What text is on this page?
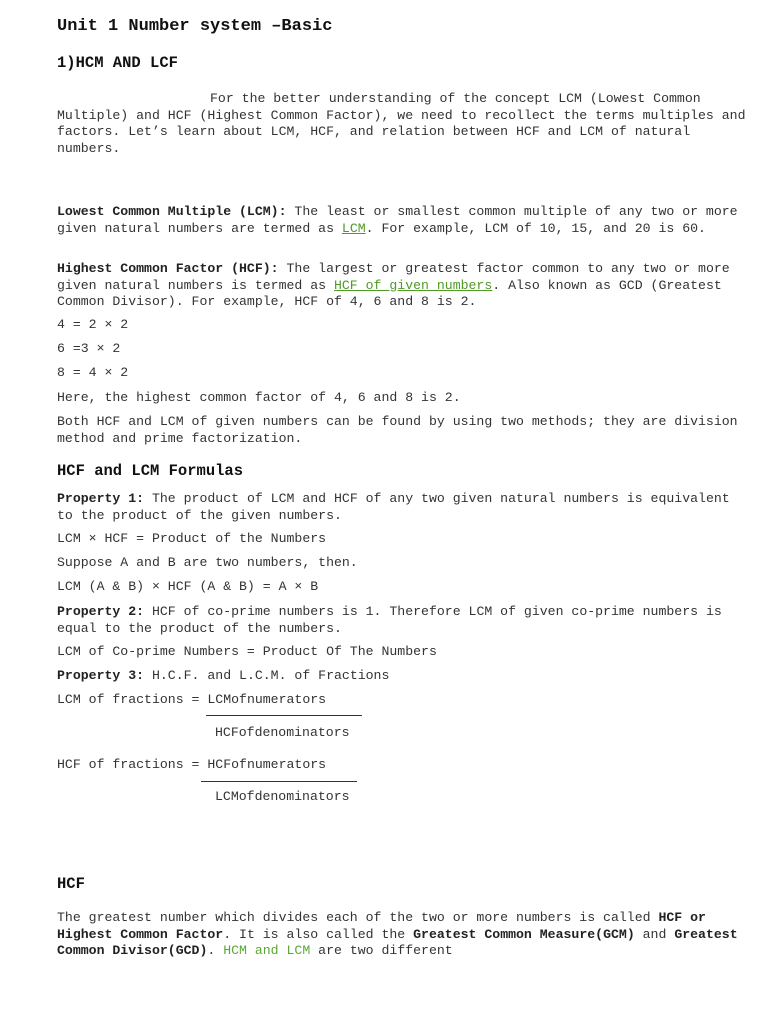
Unit 1 Number system –Basic
1)HCM AND LCF
For the better understanding of the concept LCM (Lowest Common Multiple) and HCF (Highest Common Factor), we need to recollect the terms multiples and factors. Let’s learn about LCM, HCF, and relation between HCF and LCM of natural numbers.
Lowest Common Multiple (LCM): The least or smallest common multiple of any two or more given natural numbers are termed as LCM. For example, LCM of 10, 15, and 20 is 60.
Highest Common Factor (HCF): The largest or greatest factor common to any two or more given natural numbers is termed as HCF of given numbers. Also known as GCD (Greatest Common Divisor). For example, HCF of 4, 6 and 8 is 2.
4 = 2 × 2
6 =3 × 2
8 = 4 × 2
Here, the highest common factor of 4, 6 and 8 is 2.
Both HCF and LCM of given numbers can be found by using two methods; they are division method and prime factorization.
HCF and LCM Formulas
Property 1: The product of LCM and HCF of any two given natural numbers is equivalent to the product of the given numbers.
LCM × HCF = Product of the Numbers
Suppose A and B are two numbers, then.
LCM (A & B) × HCF (A & B) = A × B
Property 2: HCF of co-prime numbers is 1. Therefore LCM of given co-prime numbers is equal to the product of the numbers.
LCM of Co-prime Numbers = Product Of The Numbers
Property 3: H.C.F. and L.C.M. of Fractions
LCM of fractions = LCMofnumerators
HCFofdenominators
HCF of fractions = HCFofnumerators
LCMofdenominators
HCF
The greatest number which divides each of the two or more numbers is called HCF or Highest Common Factor. It is also called the Greatest Common Measure(GCM) and Greatest Common Divisor(GCD). HCM and LCM are two different
